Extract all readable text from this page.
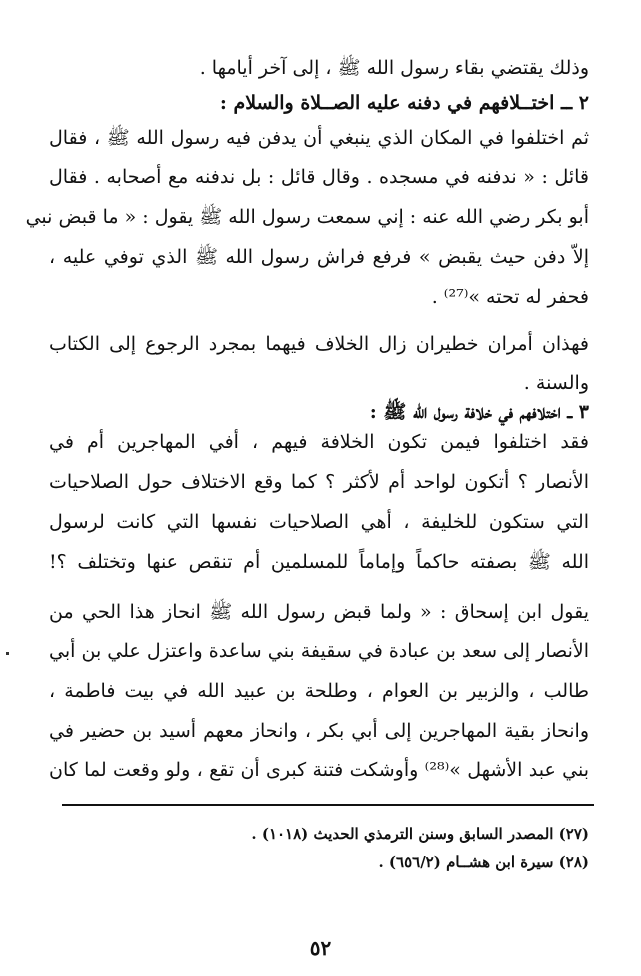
وذلك يقتضي بقاء رسول الله ﷺ ، إلى آخر أيامها .
٢ ــ اختــلافهم في دفنه عليه الصــلاة والسلام :
ثم اختلفوا في المكان الذي ينبغي أن يدفن فيه رسول الله ﷺ ، فقال
قائل : « ندفنه في مسجده . وقال قائل : بل ندفنه مع أصحابه . فقال
أبو بكر رضي الله عنه : إني سمعت رسول الله ﷺ يقول : « ما قبض نبي
إلاّ دفن حيث يقبض » فرفع فراش رسول الله ﷺ الذي توفي عليه ،
فحفر له تحته »⁽²⁷⁾ .
فهذان أمران خطيران زال الخلاف فيهما بمجرد الرجوع إلى الكتاب
والسنة .
٣ ــ اختلافهم في خلافة رسول الله ﷺ :
فقد اختلفوا فيمن تكون الخلافة فيهم ، أفي المهاجرين أم في
الأنصار ؟ أتكون لواحد أم لأكثر ؟ كما وقع الاختلاف حول الصلاحيات
التي ستكون للخليفة ، أهي الصلاحيات نفسها التي كانت لرسول
الله ﷺ بصفته حاكماً وإماماً للمسلمين أم تنقص عنها وتختلف ؟!
يقول ابن إسحاق : « ولما قبض رسول الله ﷺ انحاز هذا الحي من
الأنصار إلى سعد بن عبادة في سقيفة بني ساعدة واعتزل علي بن أبي
طالب ، والزبير بن العوام ، وطلحة بن عبيد الله في بيت فاطمة ،
وانحاز بقية المهاجرين إلى أبي بكر ، وانحاز معهم أسيد بن حضير في
بني عبد الأشهل »⁽²⁸⁾ وأوشكت فتنة كبرى أن تقع ، ولو وقعت لما كان
(٢٧) المصدر السابق وسنن الترمذي الحديث (١٠١٨) .
(٢٨) سيرة ابن هشــام (٦٥٦/٢) .
٥٢
